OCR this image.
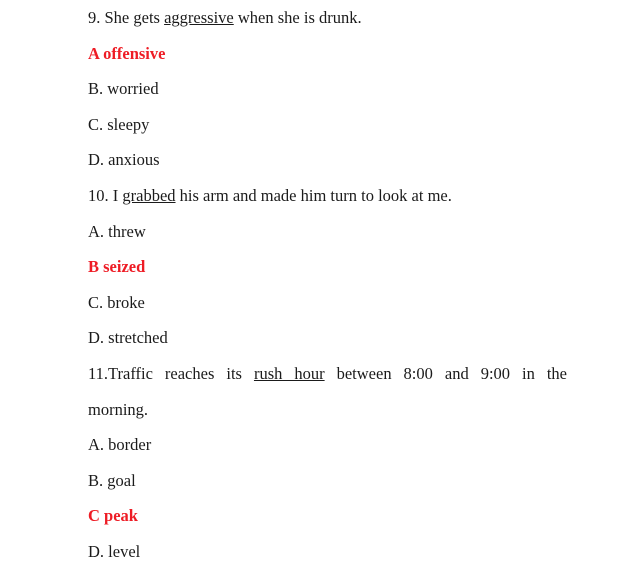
9. She gets aggressive when she is drunk.
A offensive
B. worried
C. sleepy
D. anxious
10. I grabbed his arm and made him turn to look at me.
A. threw
B seized
C. broke
D. stretched
11.Traffic reaches its rush hour between 8:00 and 9:00 in the
morning.
A. border
B. goal
C peak
D. level
